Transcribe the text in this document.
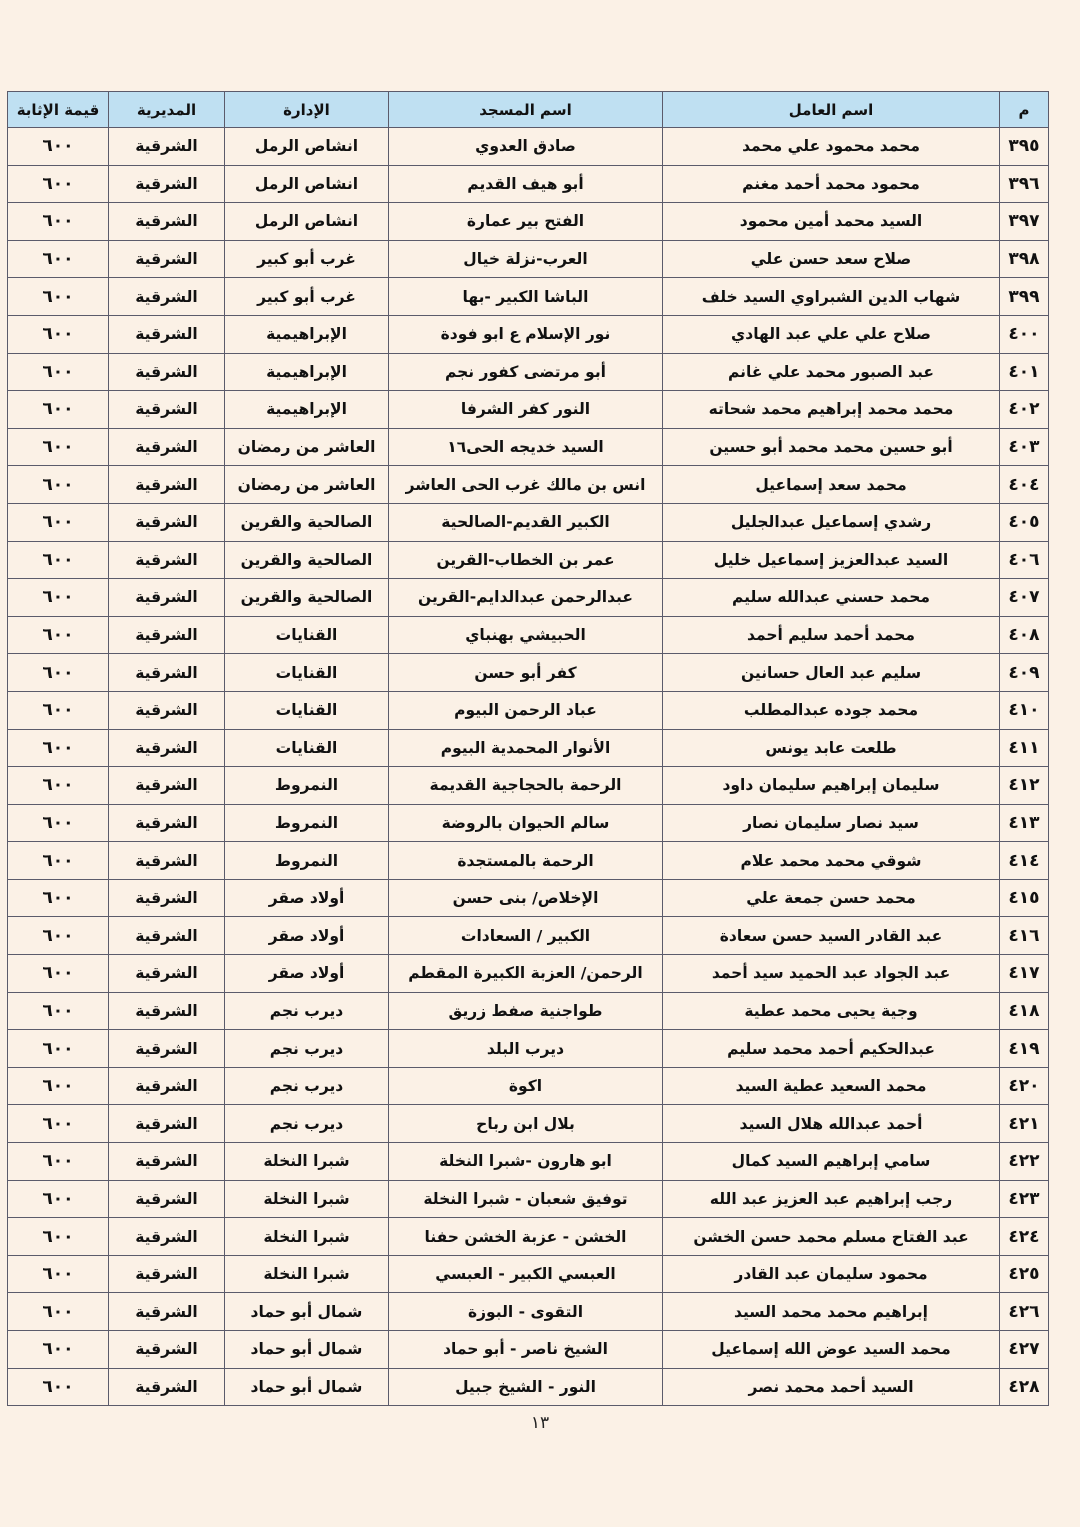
م	اسم العامل	اسم المسجد	الإدارة	المديرية	قيمة الإثابة
٣٩٥	محمد محمود علي محمد	صادق العدوي	انشاص الرمل	الشرقية	٦٠٠
٣٩٦	محمود محمد أحمد مغنم	أبو هيف القديم	انشاص الرمل	الشرقية	٦٠٠
٣٩٧	السيد محمد أمين محمود	الفتح بير عمارة	انشاص الرمل	الشرقية	٦٠٠
٣٩٨	صلاح سعد حسن علي	العرب-نزلة خيال	غرب أبو كبير	الشرقية	٦٠٠
٣٩٩	شهاب الدين الشبراوي السيد خلف	الباشا الكبير -بها	غرب أبو كبير	الشرقية	٦٠٠
٤٠٠	صلاح علي علي عبد الهادي	نور الإسلام ع ابو فودة	الإبراهيمية	الشرقية	٦٠٠
٤٠١	عبد الصبور محمد علي غانم	أبو مرتضى كفور نجم	الإبراهيمية	الشرقية	٦٠٠
٤٠٢	محمد محمد إبراهيم محمد شحاته	النور كفر الشرفا	الإبراهيمية	الشرقية	٦٠٠
٤٠٣	أبو حسين محمد محمد أبو حسين	السيد خديجه الحى١٦	العاشر من رمضان	الشرقية	٦٠٠
٤٠٤	محمد سعد إسماعيل	انس بن مالك غرب الحى العاشر	العاشر من رمضان	الشرقية	٦٠٠
٤٠٥	رشدي إسماعيل عبدالجليل	الكبير القديم-الصالحية	الصالحية والقرين	الشرقية	٦٠٠
٤٠٦	السيد عبدالعزيز إسماعيل خليل	عمر بن الخطاب-القرين	الصالحية والقرين	الشرقية	٦٠٠
٤٠٧	محمد حسني عبدالله سليم	عبدالرحمن عبدالدايم-القرين	الصالحية والقرين	الشرقية	٦٠٠
٤٠٨	محمد أحمد سليم أحمد	الحبيشي بهنباي	القنايات	الشرقية	٦٠٠
٤٠٩	سليم عبد العال حسانين	كفر أبو حسن	القنايات	الشرقية	٦٠٠
٤١٠	محمد جوده عبدالمطلب	عباد الرحمن البيوم	القنايات	الشرقية	٦٠٠
٤١١	طلعت عابد يونس	الأنوار المحمدية البيوم	القنايات	الشرقية	٦٠٠
٤١٢	سليمان إبراهيم سليمان داود	الرحمة بالحجاجية القديمة	النمروط	الشرقية	٦٠٠
٤١٣	سيد نصار سليمان نصار	سالم الحيوان بالروضة	النمروط	الشرقية	٦٠٠
٤١٤	شوقي محمد محمد علام	الرحمة بالمستجدة	النمروط	الشرقية	٦٠٠
٤١٥	محمد حسن جمعة علي	الإخلاص/ بنى حسن	أولاد صقر	الشرقية	٦٠٠
٤١٦	عبد القادر السيد حسن سعادة	الكبير / السعادات	أولاد صقر	الشرقية	٦٠٠
٤١٧	عبد الجواد عبد الحميد سيد أحمد	الرحمن/ العزبة الكبيرة المقطم	أولاد صقر	الشرقية	٦٠٠
٤١٨	وجية يحيى محمد عطية	طواجنية صفط زريق	ديرب نجم	الشرقية	٦٠٠
٤١٩	عبدالحكيم أحمد محمد سليم	ديرب البلد	ديرب نجم	الشرقية	٦٠٠
٤٢٠	محمد السعيد عطية السيد	اكوة	ديرب نجم	الشرقية	٦٠٠
٤٢١	أحمد عبدالله هلال السيد	بلال ابن رباح	ديرب نجم	الشرقية	٦٠٠
٤٢٢	سامي إبراهيم السيد كمال	ابو هارون -شبرا النخلة	شبرا النخلة	الشرقية	٦٠٠
٤٢٣	رجب إبراهيم عبد العزيز عبد الله	توفيق شعبان - شبرا النخلة	شبرا النخلة	الشرقية	٦٠٠
٤٢٤	عبد الفتاح مسلم محمد حسن الخشن	الخشن - عزبة الخشن حفنا	شبرا النخلة	الشرقية	٦٠٠
٤٢٥	محمود سليمان عبد القادر	العبسي الكبير - العبسي	شبرا النخلة	الشرقية	٦٠٠
٤٢٦	إبراهيم محمد محمد السيد	التقوى - البوزة	شمال أبو حماد	الشرقية	٦٠٠
٤٢٧	محمد السيد عوض الله إسماعيل	الشيخ ناصر - أبو حماد	شمال أبو حماد	الشرقية	٦٠٠
٤٢٨	السيد أحمد محمد نصر	النور - الشيخ جبيل	شمال أبو حماد	الشرقية	٦٠٠
١٣
